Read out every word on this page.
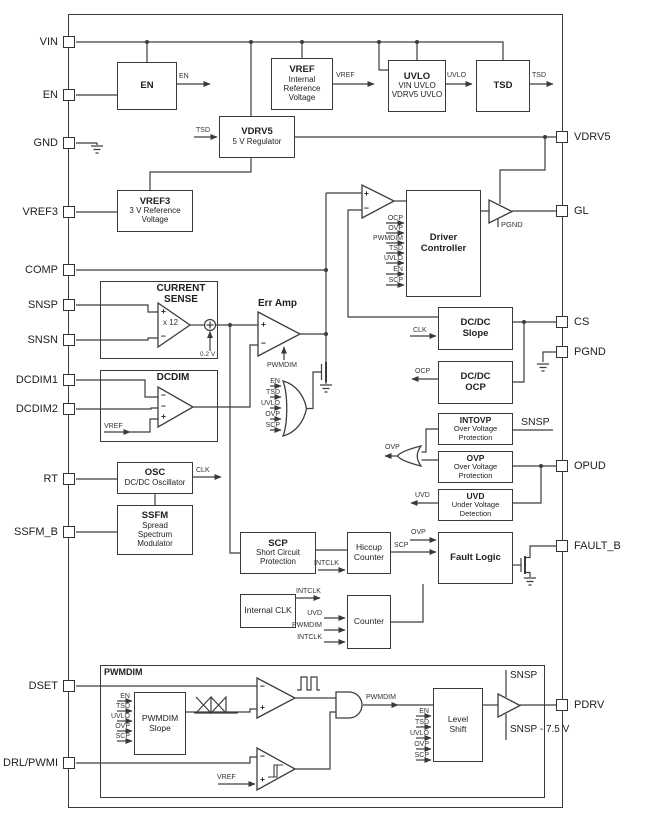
CURRENT SENSE
DCDIM
PWMDIM
Err Amp
EN
VREF
Internal Reference Voltage
UVLO
VIN UVLO
VDRV5 UVLO
TSD
VDRV5
5 V Regulator
VREF3
3 V Reference Voltage
Driver Controller
DC/DC
Slope
DC/DC
OCP
INTOVP
Over Voltage Protection
OVP
Over Voltage Protection
UVD
Under Voltage Detection
OSC
DC/DC Oscillator
SSFM
Spread Spectrum Modulator	SCP
Short Circuit Protection
Hiccup
Counter	Fault Logic
Internal CLK
Counter
PWMDIM
Slope
Level
Shift
VIN
EN
GND
VREF3
COMP
SNSP
SNSN
DCDIM1
DCDIM2
RT
SSFM_B
DSET
DRL/PWMI
VDRV5
GL
CS
PGND
OPUD
FAULT_B
PDRV
EN	VREF	UVLO	TSD
TSD
PGND
x 12
0.2 V
PWMDIM
VREF
CLK
OCP
SNSP
OVP
UVD
CLK
INTCLK
SCP
OVP
INTCLK
PWMDIM
VREF
SNSP
SNSP - 7.5 V
OCP
OVP
PWMDIM
TSD
UVLO
EN
SCP
EN
TSD
UVLO
OVP
SCP
UVD
PWMDIM
INTCLK
EN
TSD
UVLO
OVP
SCP
EN
TSD
UVLO
OVP
SCP
+
−
+
−
+
−
−
−
+
−
+
−
+
